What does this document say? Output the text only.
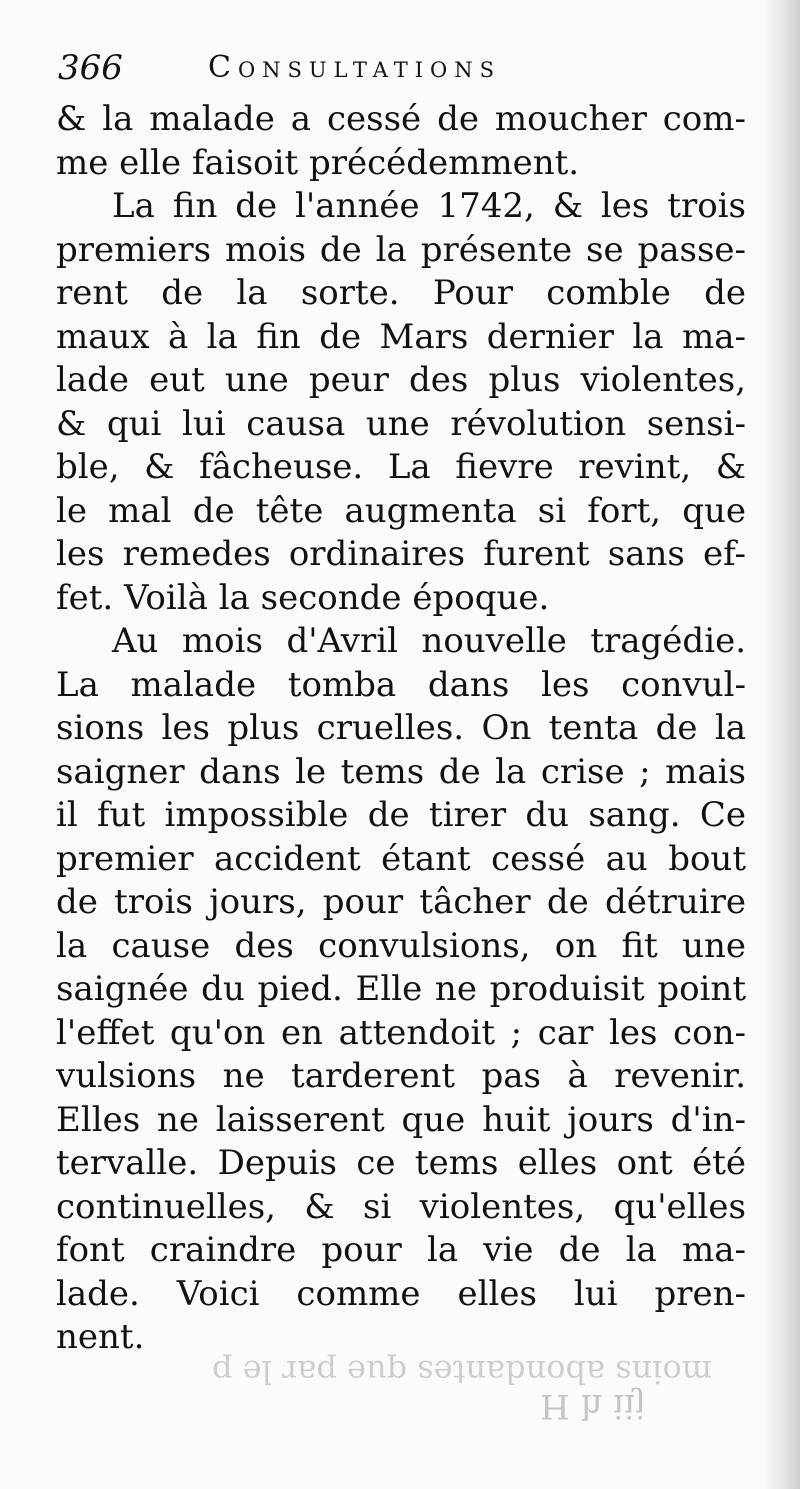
366	Consultations
& la malade a cessé de moucher com-
me elle faisoit précédemment.
La fin de l'année 1742, & les trois
premiers mois de la présente se passe-
rent de la sorte. Pour comble de
maux à la fin de Mars dernier la ma-
lade eut une peur des plus violentes,
& qui lui causa une révolution sensi-
ble, & fâcheuse. La fievre revint, &
le mal de tête augmenta si fort, que
les remedes ordinaires furent sans ef-
fet. Voilà la seconde époque.
Au mois d'Avril nouvelle tragédie.
La malade tomba dans les convul-
sions les plus cruelles. On tenta de la
saigner dans le tems de la crise ; mais
il fut impossible de tirer du sang. Ce
premier accident étant cessé au bout
de trois jours, pour tâcher de détruire
la cause des convulsions, on fit une
saignée du pied. Elle ne produisit point
l'effet qu'on en attendoit ; car les con-
vulsions ne tarderent pas à revenir.
Elles ne laisserent que huit jours d'in-
tervalle. Depuis ce tems elles ont été
continuelles, & si violentes, qu'elles
font craindre pour la vie de la ma-
lade. Voici comme elles lui pren-
nent.
moins abondantes que par le p
H h iij
